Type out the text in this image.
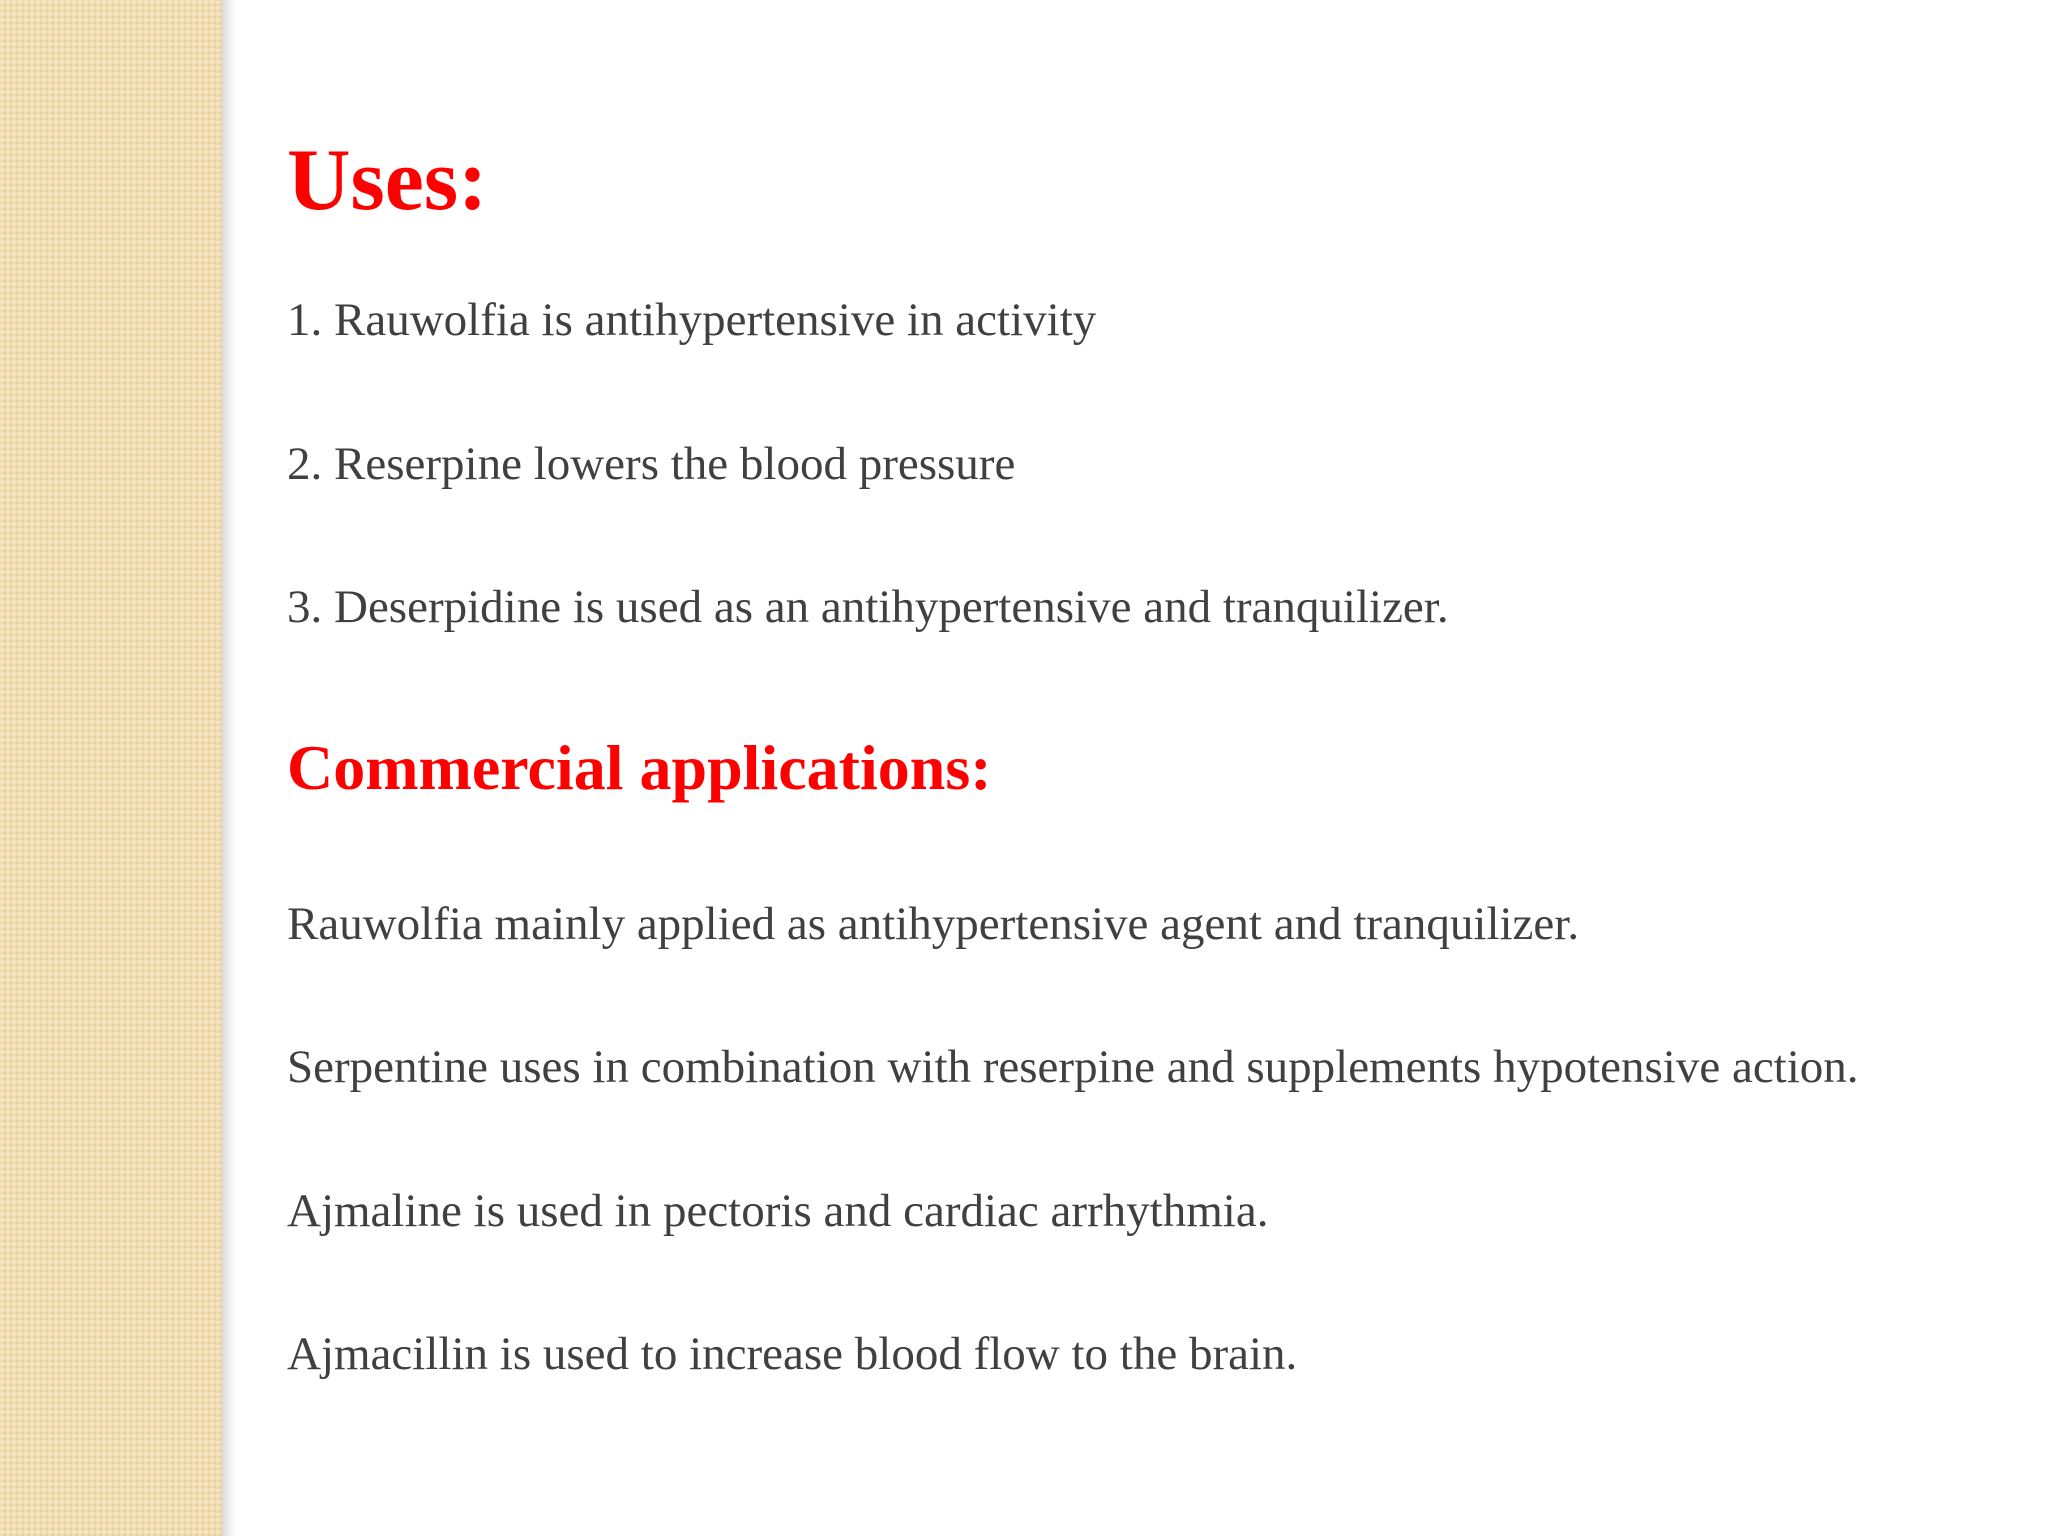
Uses:

1. Rauwolfia is antihypertensive in activity

2. Reserpine lowers the blood pressure

3. Deserpidine is used as an antihypertensive and tranquilizer.

Commercial applications:

Rauwolfia mainly applied as antihypertensive agent and tranquilizer.

Serpentine uses in combination with reserpine and supplements hypotensive action.

Ajmaline is used in pectoris and cardiac arrhythmia.

Ajmacillin is used to increase blood flow to the brain.
